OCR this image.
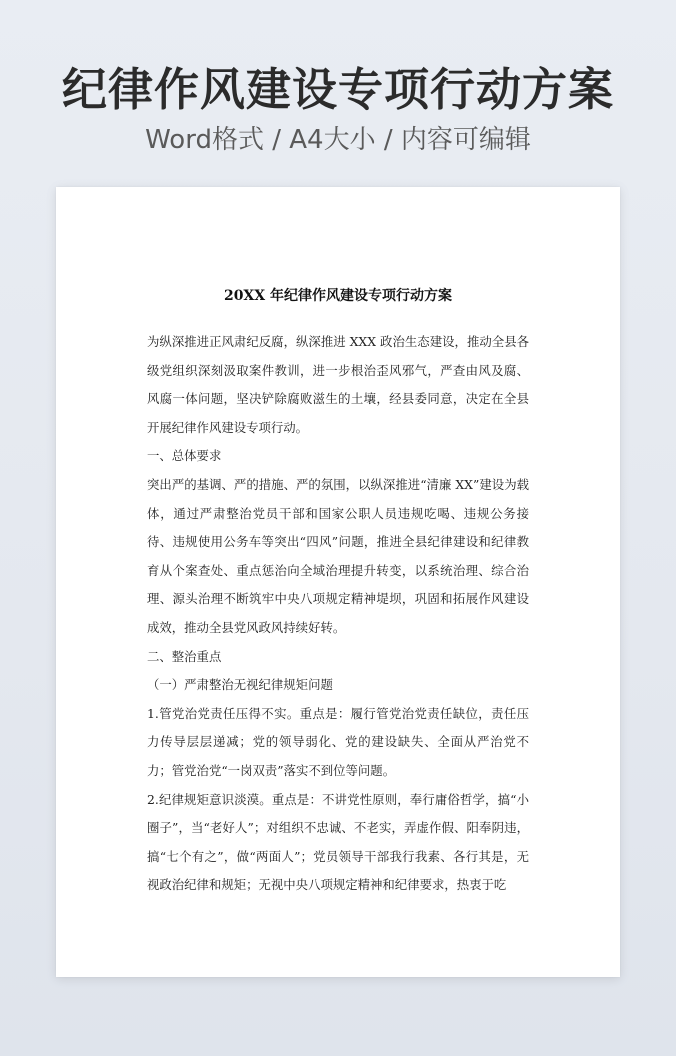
纪律作风建设专项行动方案
Word格式 / A4大小 / 内容可编辑
20XX 年纪律作风建设专项行动方案

为纵深推进正风肃纪反腐，纵深推进 XXX 政治生态建设，推动全县各级党组织深刻汲取案件教训，进一步根治歪风邪气，严查由风及腐、风腐一体问题，坚决铲除腐败滋生的土壤，经县委同意，决定在全县开展纪律作风建设专项行动。

一、总体要求

突出严的基调、严的措施、严的氛围，以纵深推进“清廉 XX”建设为载体，通过严肃整治党员干部和国家公职人员违规吃喝、违规公务接待、违规使用公务车等突出“四风”问题，推进全县纪律建设和纪律教育从个案查处、重点惩治向全域治理提升转变，以系统治理、综合治理、源头治理不断筑牢中央八项规定精神堤坝，巩固和拓展作风建设成效，推动全县党风政风持续好转。

二、整治重点

（一）严肃整治无视纪律规矩问题

1.管党治党责任压得不实。重点是：履行管党治党责任缺位，责任压力传导层层递减；党的领导弱化、党的建设缺失、全面从严治党不力；管党治党“一岗双责”落实不到位等问题。

2.纪律规矩意识淡漠。重点是：不讲党性原则，奉行庸俗哲学，搞“小圈子”，当“老好人”；对组织不忠诚、不老实，弄虚作假、阳奉阴违，搞“七个有之”，做“两面人”；党员领导干部我行我素、各行其是，无视政治纪律和规矩；无视中央八项规定精神和纪律要求，热衷于吃
